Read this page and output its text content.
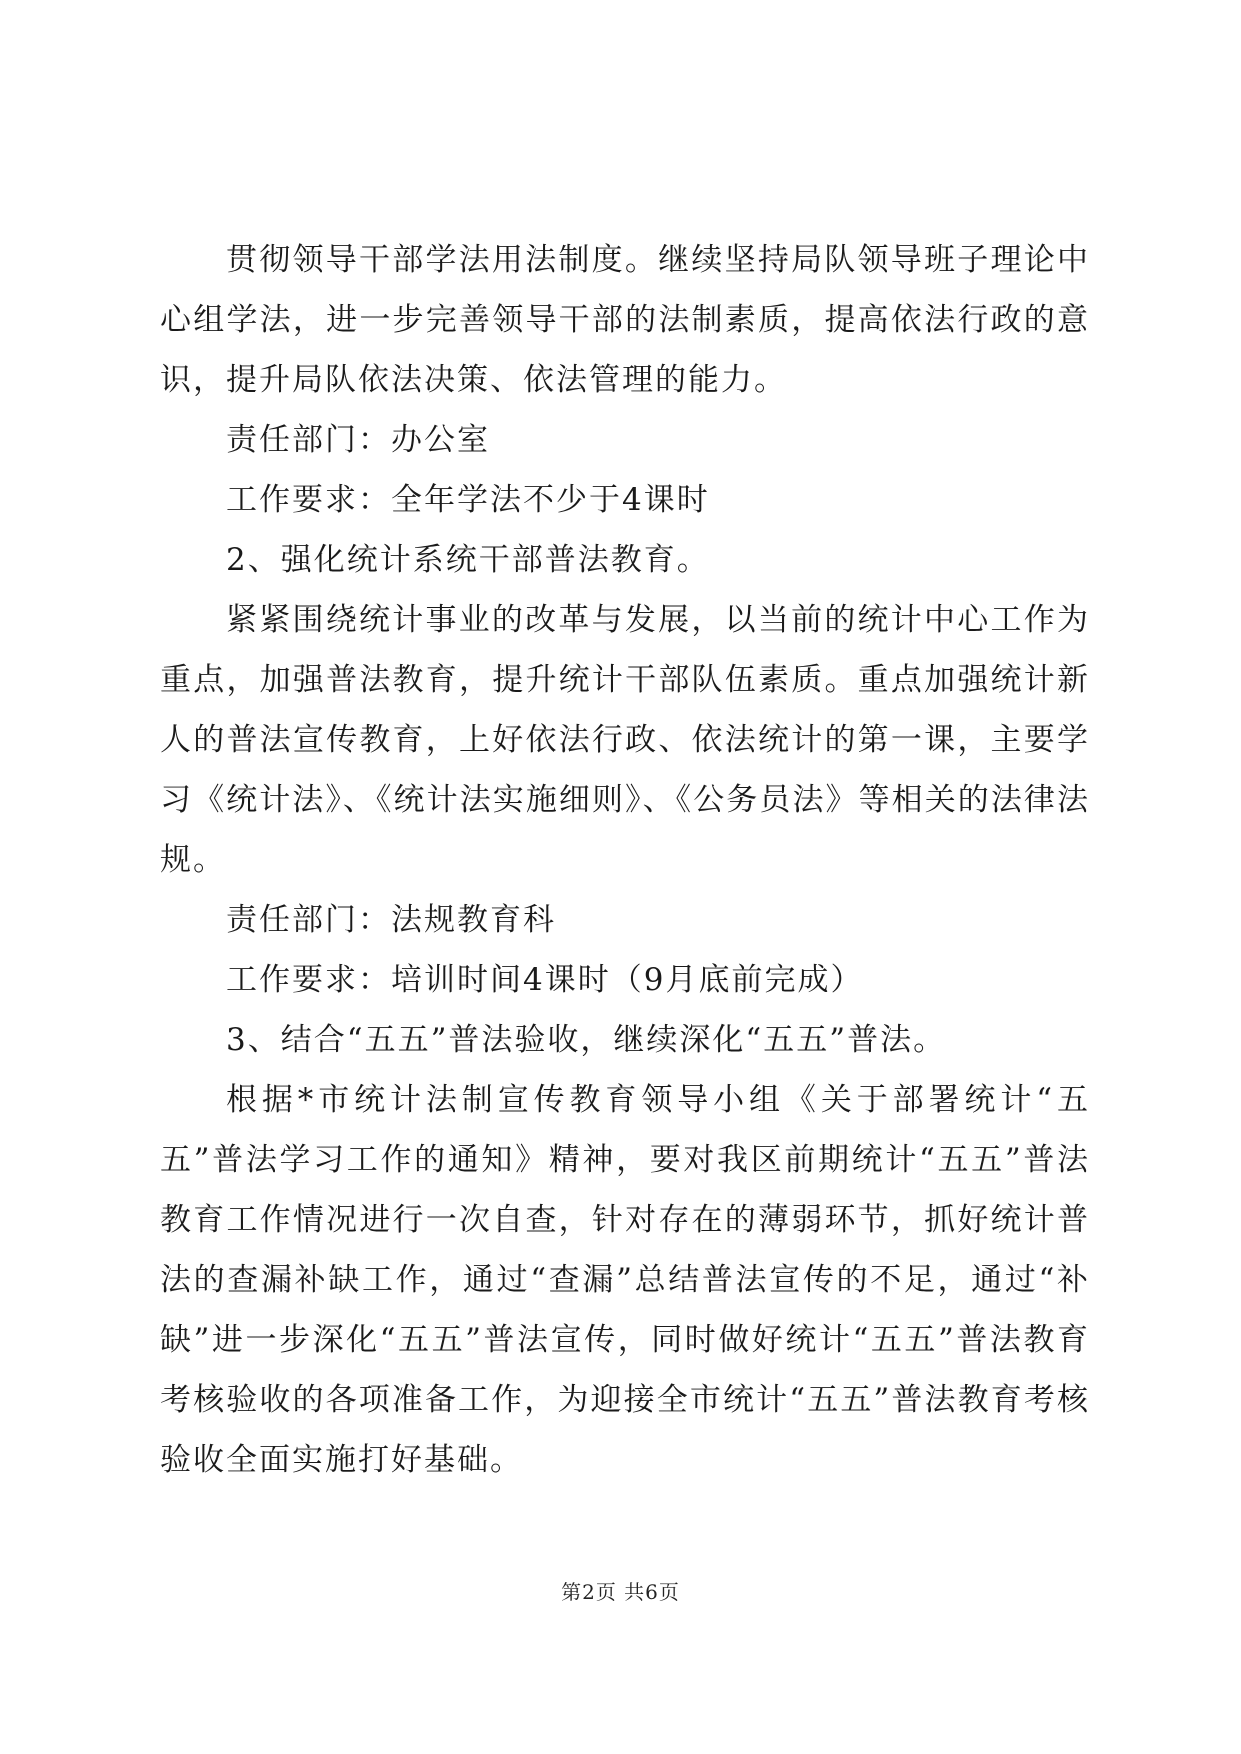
贯彻领导干部学法用法制度。继续坚持局队领导班子理论中心组学法，进一步完善领导干部的法制素质，提高依法行政的意识，提升局队依法决策、依法管理的能力。

责任部门：办公室

工作要求：全年学法不少于4课时

2、强化统计系统干部普法教育。

紧紧围绕统计事业的改革与发展，以当前的统计中心工作为重点，加强普法教育，提升统计干部队伍素质。重点加强统计新人的普法宣传教育，上好依法行政、依法统计的第一课，主要学习《统计法》、《统计法实施细则》、《公务员法》等相关的法律法规。

责任部门：法规教育科

工作要求：培训时间4课时（9月底前完成）

3、结合“五五”普法验收，继续深化“五五”普法。

根据*市统计法制宣传教育领导小组《关于部署统计“五五”普法学习工作的通知》精神，要对我区前期统计“五五”普法教育工作情况进行一次自查，针对存在的薄弱环节，抓好统计普法的查漏补缺工作，通过“查漏”总结普法宣传的不足，通过“补缺”进一步深化“五五”普法宣传，同时做好统计“五五”普法教育考核验收的各项准备工作，为迎接全市统计“五五”普法教育考核验收全面实施打好基础。

第2页 共6页
